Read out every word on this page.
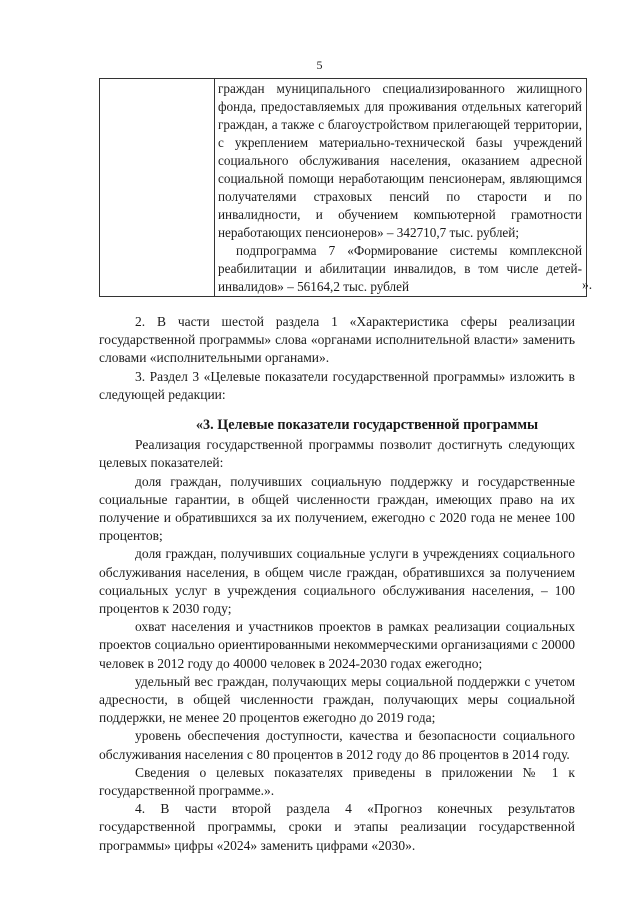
5

граждан муниципального специализированного жилищного фонда, предоставляемых для проживания отдельных категорий граждан, а также с благоустройством прилегающей территории, с укреплением материально-технической базы учреждений социального обслуживания населения, оказанием адресной социальной помощи неработающим пенсионерам, являющимся получателями страховых пенсий по старости и по инвалидности, и обучением компьютерной грамотности неработающих пенсионеров» – 342710,7 тыс. рублей;

подпрограмма 7 «Формирование системы комплексной реабилитации и абилитации инвалидов, в том числе детей-инвалидов» – 56164,2 тыс. рублей	».

2. В части шестой раздела 1 «Характеристика сферы реализации государственной программы» слова «органами исполнительной власти» заменить словами «исполнительными органами».

3. Раздел 3 «Целевые показатели государственной программы» изложить в следующей редакции:

«3. Целевые показатели государственной программы

Реализация государственной программы позволит достигнуть следующих целевых показателей:

доля граждан, получивших социальную поддержку и государственные социальные гарантии, в общей численности граждан, имеющих право на их получение и обратившихся за их получением, ежегодно с 2020 года не менее 100 процентов;

доля граждан, получивших социальные услуги в учреждениях социального обслуживания населения, в общем числе граждан, обратившихся за получением социальных услуг в учреждения социального обслуживания населения, – 100 процентов к 2030 году;

охват населения и участников проектов в рамках реализации социальных проектов социально ориентированными некоммерческими организациями с 20000 человек в 2012 году до 40000 человек в 2024-2030 годах ежегодно;

удельный вес граждан, получающих меры социальной поддержки с учетом адресности, в общей численности граждан, получающих меры социальной поддержки, не менее 20 процентов ежегодно до 2019 года;

уровень обеспечения доступности, качества и безопасности социального обслуживания населения с 80 процентов в 2012 году до 86 процентов в 2014 году.

Сведения о целевых показателях приведены в приложении № 1 к государственной программе.».

4. В части второй раздела 4 «Прогноз конечных результатов государственной программы, сроки и этапы реализации государственной программы» цифры «2024» заменить цифрами «2030».
